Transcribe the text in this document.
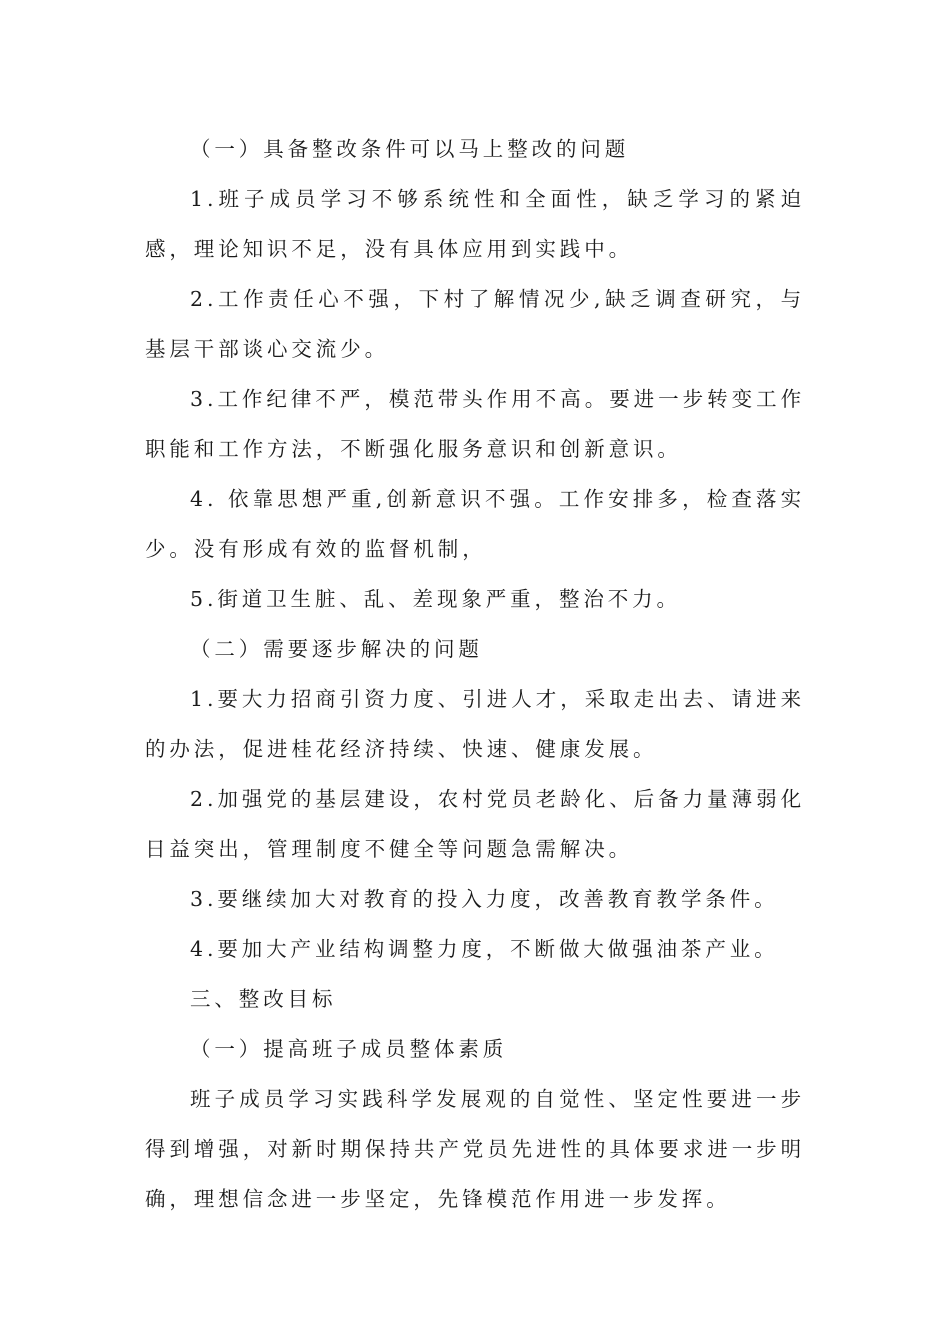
（一）具备整改条件可以马上整改的问题

1.班子成员学习不够系统性和全面性，缺乏学习的紧迫感，理论知识不足，没有具体应用到实践中。

2.工作责任心不强，下村了解情况少,缺乏调查研究，与基层干部谈心交流少。

3.工作纪律不严，模范带头作用不高。要进一步转变工作职能和工作方法，不断强化服务意识和创新意识。

4. 依靠思想严重,创新意识不强。工作安排多，检查落实少。没有形成有效的监督机制，

5.街道卫生脏、乱、差现象严重，整治不力。

（二）需要逐步解决的问题

1.要大力招商引资力度、引进人才，采取走出去、请进来的办法，促进桂花经济持续、快速、健康发展。

2.加强党的基层建设，农村党员老龄化、后备力量薄弱化日益突出，管理制度不健全等问题急需解决。

3.要继续加大对教育的投入力度，改善教育教学条件。

4.要加大产业结构调整力度，不断做大做强油茶产业。

三、整改目标

（一）提高班子成员整体素质

班子成员学习实践科学发展观的自觉性、坚定性要进一步得到增强，对新时期保持共产党员先进性的具体要求进一步明确，理想信念进一步坚定，先锋模范作用进一步发挥。
